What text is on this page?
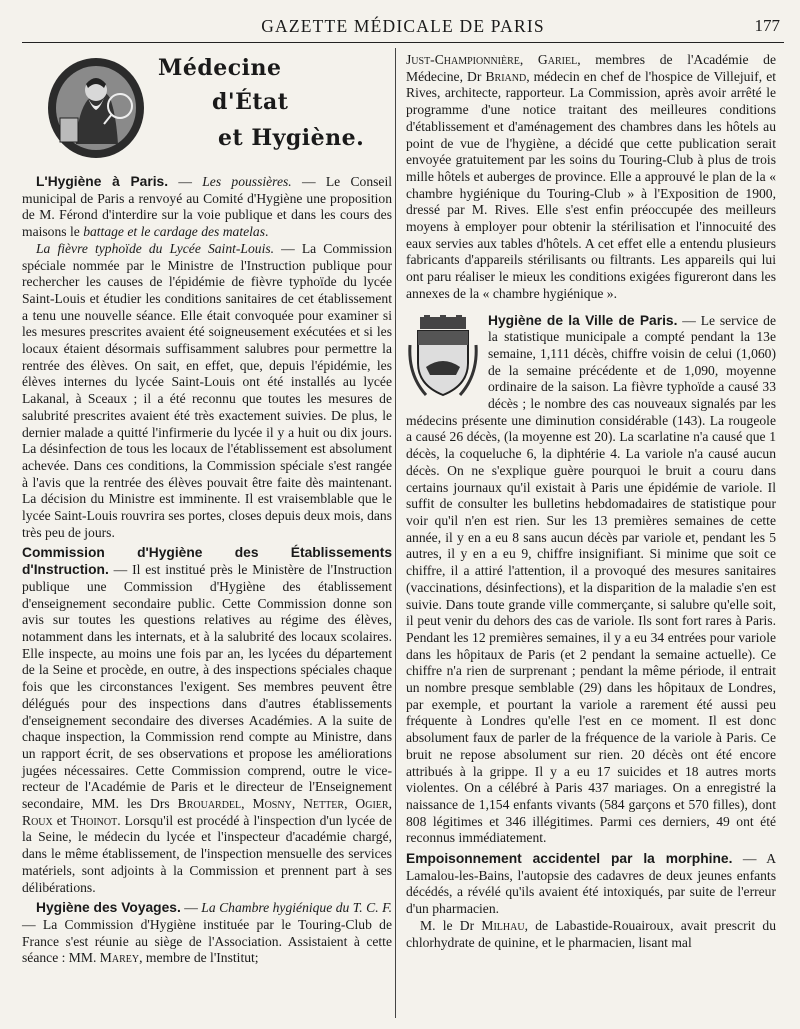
GAZETTE MÉDICALE DE PARIS	177
Médecine
d'État
et Hygiène.

L'Hygiène à Paris. — Les poussières. — Le Conseil municipal de Paris a renvoyé au Comité d'Hygiène une proposition de M. Férond d'interdire sur la voie publique et dans les cours des maisons le battage et le cardage des matelas.

La fièvre typhoïde du Lycée Saint-Louis. — La Commission spéciale nommée par le Ministre de l'Instruction publique pour rechercher les causes de l'épidémie de fièvre typhoïde du lycée Saint-Louis et étudier les conditions sanitaires de cet établissement a tenu une nouvelle séance. Elle était convoquée pour examiner si les mesures prescrites avaient été soigneusement exécutées et si les locaux étaient désormais suffisamment salubres pour permettre la rentrée des élèves. On sait, en effet, que, depuis l'épidémie, les élèves internes du lycée Saint-Louis ont été installés au lycée Lakanal, à Sceaux ; il a été reconnu que toutes les mesures de salubrité prescrites avaient été très exactement suivies. De plus, le dernier malade a quitté l'infirmerie du lycée il y a huit ou dix jours. La désinfection de tous les locaux de l'établissement est absolument achevée. Dans ces conditions, la Commission spéciale s'est rangée à l'avis que la rentrée des élèves pouvait être faite dès maintenant. La décision du Ministre est imminente. Il est vraisemblable que le lycée Saint-Louis rouvrira ses portes, closes depuis deux mois, dans très peu de jours.

Commission d'Hygiène des Établissements d'Instruction. — Il est institué près le Ministère de l'Instruction publique une Commission d'Hygiène des établissement d'enseignement secondaire public. Cette Commission donne son avis sur toutes les questions relatives au régime des élèves, notamment dans les internats, et à la salubrité des locaux scolaires. Elle inspecte, au moins une fois par an, les lycées du département de la Seine et procède, en outre, à des inspections spéciales chaque fois que les circonstances l'exigent. Ses membres peuvent être délégués pour des inspections dans d'autres établissements d'enseignement secondaire des diverses Académies. A la suite de chaque inspection, la Commission rend compte au Ministre, dans un rapport écrit, de ses observations et propose les améliorations jugées nécessaires. Cette Commission comprend, outre le vice-recteur de l'Académie de Paris et le directeur de l'Enseignement secondaire, MM. les Drs Brouardel, Mosny, Netter, Ogier, Roux et Thoinot. Lorsqu'il est procédé à l'inspection d'un lycée de la Seine, le médecin du lycée et l'inspecteur d'académie chargé, dans le même établissement, de l'inspection mensuelle des services matériels, sont adjoints à la Commission et prennent part à ses délibérations.

Hygiène des Voyages. — La Chambre hygiénique du T. C. F. — La Commission d'Hygiène instituée par le Touring-Club de France s'est réunie au siège de l'Association. Assistaient à cette séance : MM. Marey, membre de l'Institut;

Just-Championnière, Gariel, membres de l'Académie de Médecine, Dr Briand, médecin en chef de l'hospice de Villejuif, et Rives, architecte, rapporteur. La Commission, après avoir arrêté le programme d'une notice traitant des meilleures conditions d'établissement et d'aménagement des chambres dans les hôtels au point de vue de l'hygiène, a décidé que cette publication serait envoyée gratuitement par les soins du Touring-Club à plus de trois mille hôtels et auberges de province. Elle a approuvé le plan de la « chambre hygiénique du Touring-Club » à l'Exposition de 1900, dressé par M. Rives. Elle s'est enfin préoccupée des meilleurs moyens à employer pour obtenir la stérilisation et l'innocuité des eaux servies aux tables d'hôtels. A cet effet elle a entendu plusieurs fabricants d'appareils stérilisants ou filtrants. Les appareils qui lui ont paru réaliser le mieux les conditions exigées figureront dans les annexes de la « chambre hygiénique ».

Hygiène de la Ville de Paris. — Le service de la statistique municipale a compté pendant la 13e semaine, 1,111 décès, chiffre voisin de celui (1,060) de la semaine précédente et de 1,090, moyenne ordinaire de la saison. La fièvre typhoïde a causé 33 décès ; le nombre des cas nouveaux signalés par les médecins présente une diminution considérable (143). La rougeole a causé 26 décès, (la moyenne est 20). La scarlatine n'a causé que 1 décès, la coqueluche 6, la diphtérie 4. La variole n'a causé aucun décès. On ne s'explique guère pourquoi le bruit a couru dans certains journaux qu'il existait à Paris une épidémie de variole. Il suffit de consulter les bulletins hebdomadaires de statistique pour voir qu'il n'en est rien. Sur les 13 premières semaines de cette année, il y en a eu 8 sans aucun décès par variole et, pendant les 5 autres, il y en a eu 9, chiffre insignifiant. Si minime que soit ce chiffre, il a attiré l'attention, il a provoqué des mesures sanitaires (vaccinations, désinfections), et la disparition de la maladie s'en est suivie. Dans toute grande ville commerçante, si salubre qu'elle soit, il peut venir du dehors des cas de variole. Ils sont fort rares à Paris. Pendant les 12 premières semaines, il y a eu 34 entrées pour variole dans les hôpitaux de Paris (et 2 pendant la semaine actuelle). Ce chiffre n'a rien de surprenant ; pendant la même période, il entrait un nombre presque semblable (29) dans les hôpitaux de Londres, par exemple, et pourtant la variole a rarement été aussi peu fréquente à Londres qu'elle l'est en ce moment. Il est donc absolument faux de parler de la fréquence de la variole à Paris. Ce bruit ne repose absolument sur rien. 20 décès ont été encore attribués à la grippe. Il y a eu 17 suicides et 18 autres morts violentes. On a célébré à Paris 437 mariages. On a enregistré la naissance de 1,154 enfants vivants (584 garçons et 570 filles), dont 808 légitimes et 346 illégitimes. Parmi ces derniers, 49 ont été reconnus immédiatement.

Empoisonnement accidentel par la morphine. — A Lamalou-les-Bains, l'autopsie des cadavres de deux jeunes enfants décédés, a révélé qu'ils avaient été intoxiqués, par suite de l'erreur d'un pharmacien.

M. le Dr Milhau, de Labastide-Rouairoux, avait prescrit du chlorhydrate de quinine, et le pharmacien, lisant mal
